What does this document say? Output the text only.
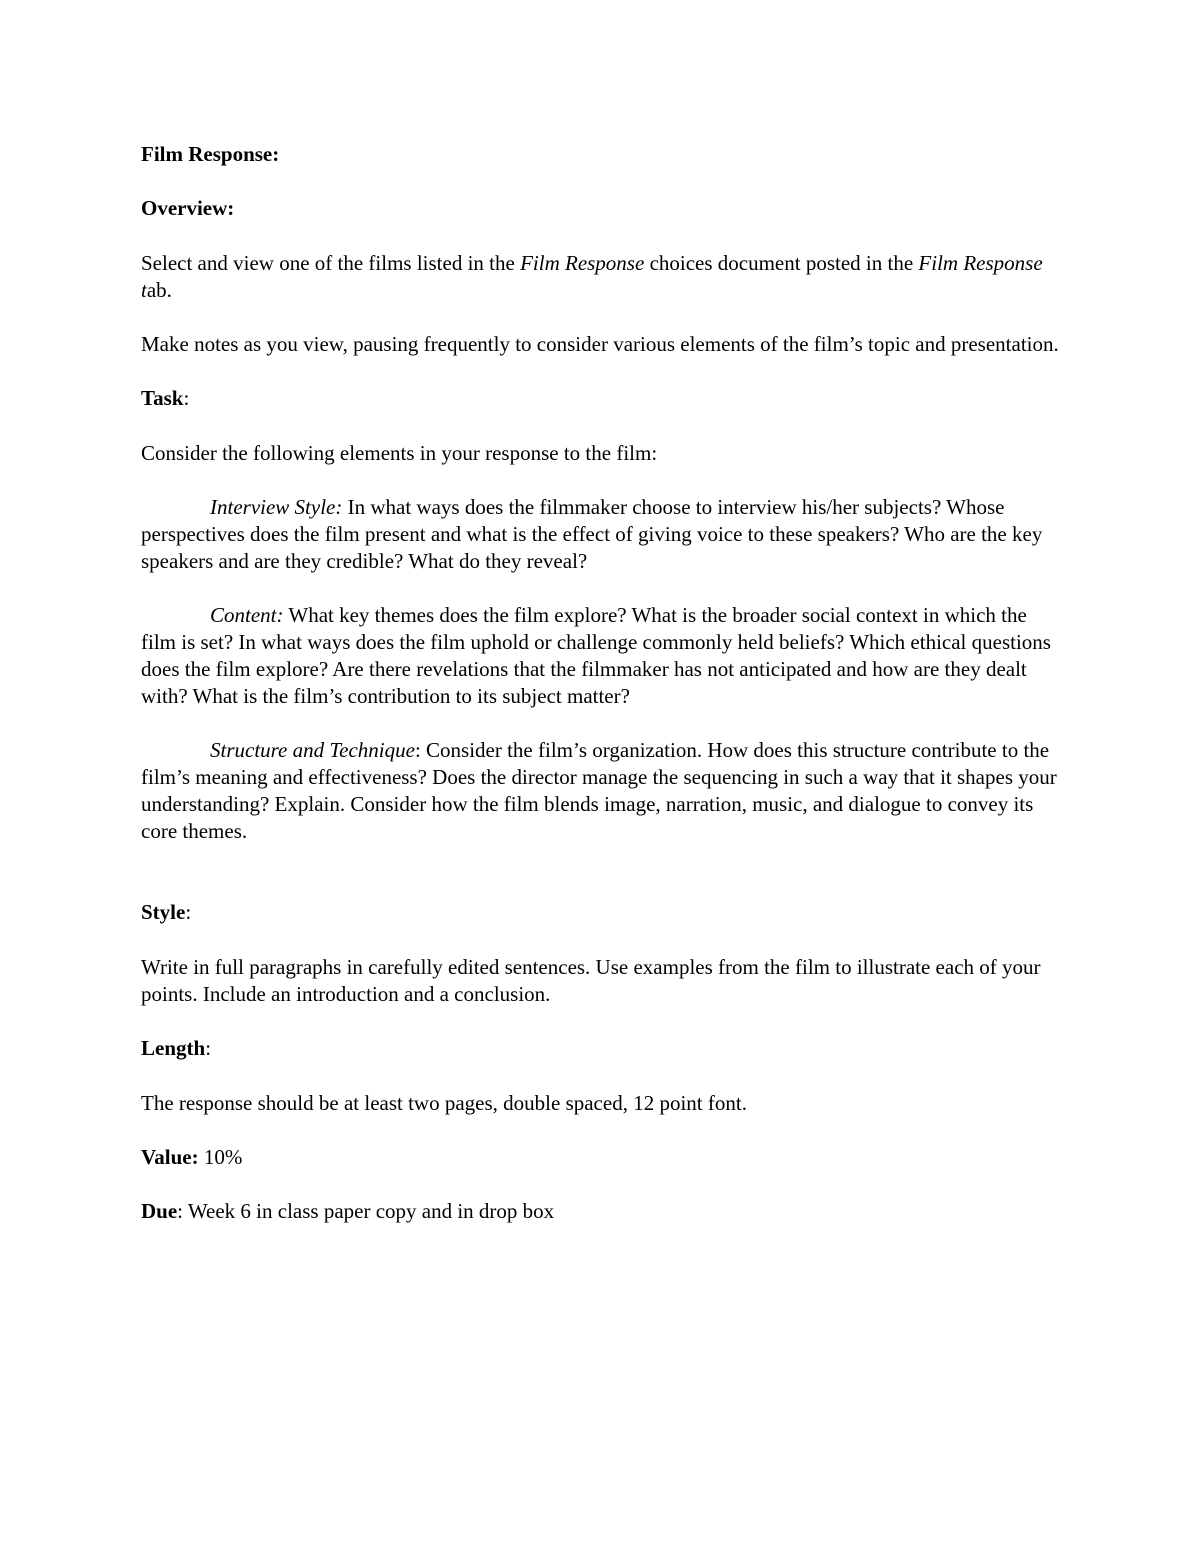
Film Response:

Overview:

Select and view one of the films listed in the Film Response choices document posted in the Film Response tab.

Make notes as you view, pausing frequently to consider various elements of the film’s topic and presentation.

Task:

Consider the following elements in your response to the film:

Interview Style: In what ways does the filmmaker choose to interview his/her subjects? Whose perspectives does the film present and what is the effect of giving voice to these speakers? Who are the key speakers and are they credible? What do they reveal?

Content: What key themes does the film explore? What is the broader social context in which the film is set? In what ways does the film uphold or challenge commonly held beliefs? Which ethical questions does the film explore? Are there revelations that the filmmaker has not anticipated and how are they dealt with? What is the film’s contribution to its subject matter?

Structure and Technique: Consider the film’s organization. How does this structure contribute to the film’s meaning and effectiveness? Does the director manage the sequencing in such a way that it shapes your understanding? Explain. Consider how the film blends image, narration, music, and dialogue to convey its core themes.

Style:

Write in full paragraphs in carefully edited sentences. Use examples from the film to illustrate each of your points. Include an introduction and a conclusion.

Length:

The response should be at least two pages, double spaced, 12 point font.

Value: 10%

Due: Week 6 in class paper copy and in drop box
